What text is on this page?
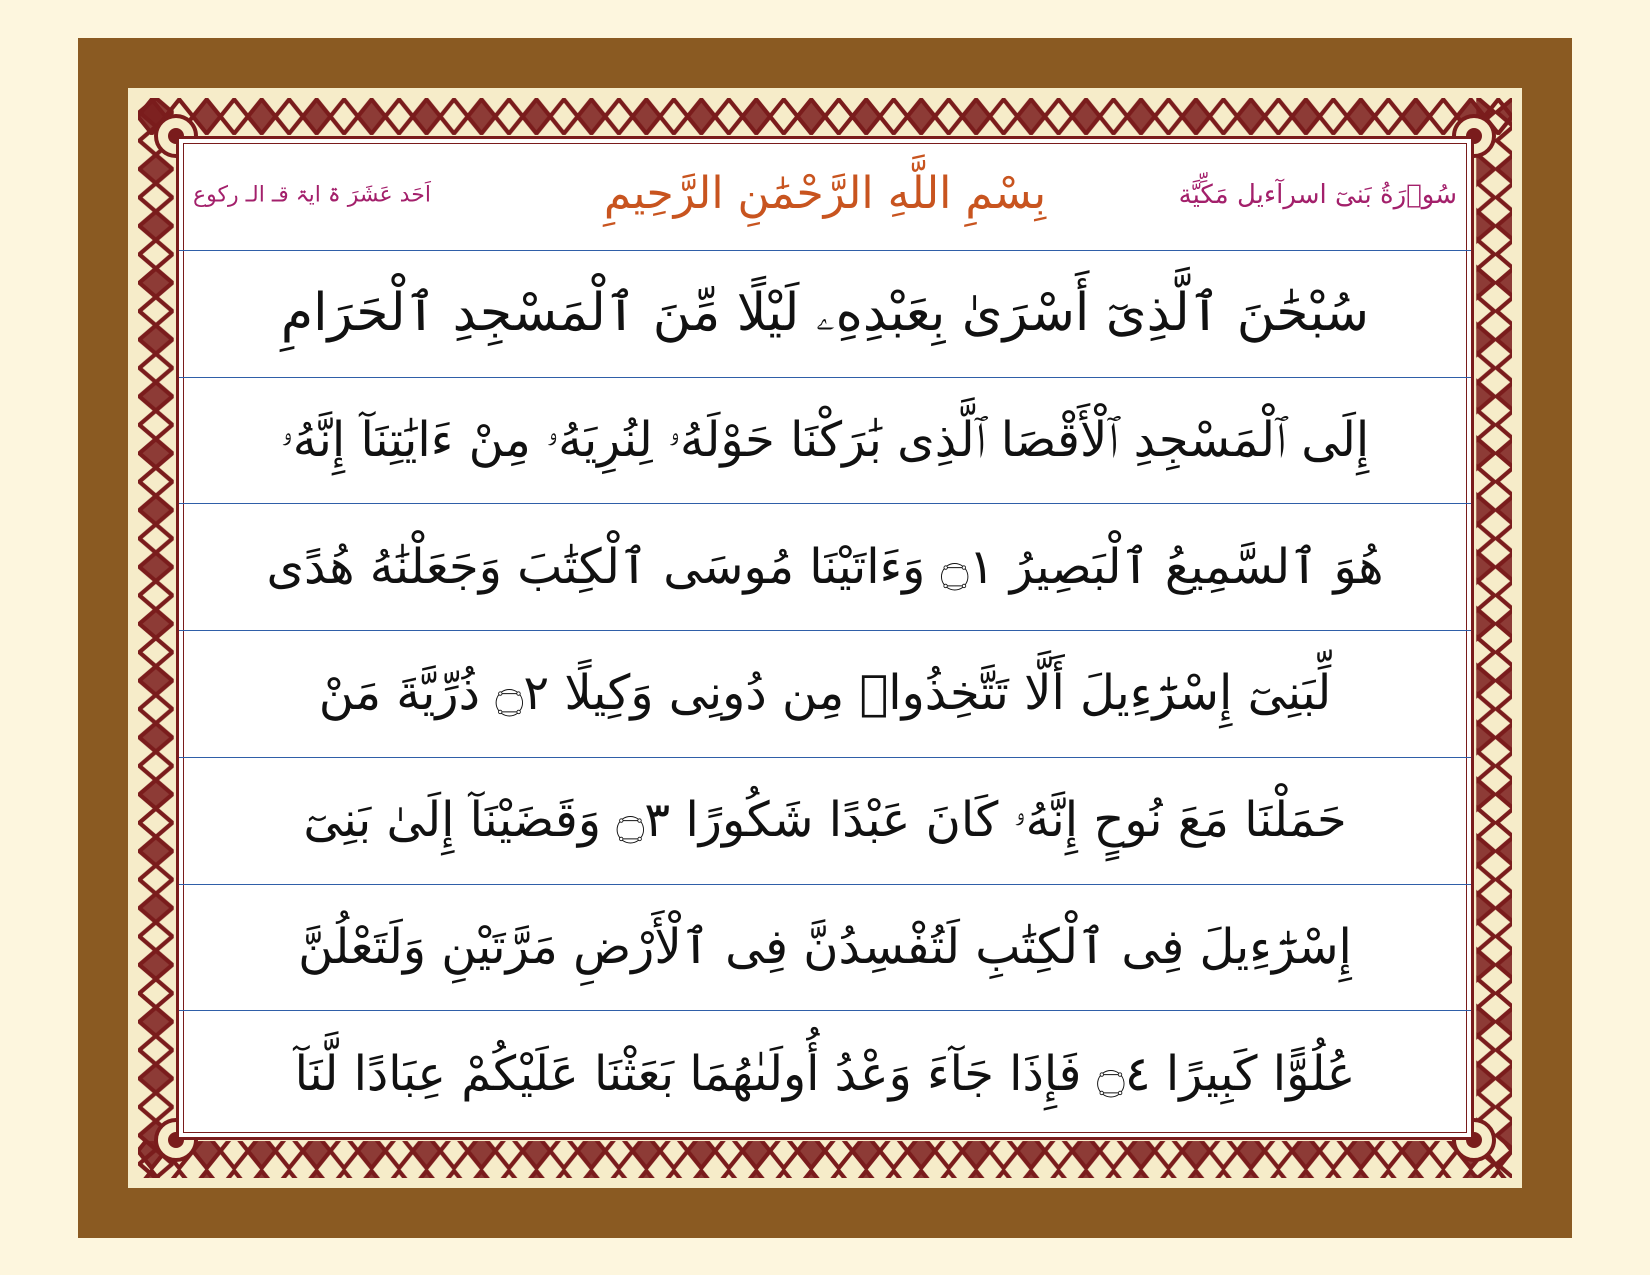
بِسْمِ اللَّهِ الرَّحْمَٰنِ الرَّحِيمِ	سُوۡرَةُ بَنیٓ اسرآءیل مَکِّیَّة
اَحَد عَشَرَ ۃ ایۃ قـ الـ رکوع
سُبْحَٰنَ ٱلَّذِىٓ أَسْرَىٰ بِعَبْدِهِۦ لَيْلًا مِّنَ ٱلْمَسْجِدِ ٱلْحَرَامِ
إِلَى ٱلْمَسْجِدِ ٱلْأَقْصَا ٱلَّذِى بَٰرَكْنَا حَوْلَهُۥ لِنُرِيَهُۥ مِنْ ءَايَٰتِنَآ إِنَّهُۥ
هُوَ ٱلسَّمِيعُ ٱلْبَصِيرُ ۝١ وَءَاتَيْنَا مُوسَى ٱلْكِتَٰبَ وَجَعَلْنَٰهُ هُدًى
لِّبَنِىٓ إِسْرَٰٓءِيلَ أَلَّا تَتَّخِذُوا۟ مِن دُونِى وَكِيلًا ۝٢ ذُرِّيَّةَ مَنْ
حَمَلْنَا مَعَ نُوحٍ إِنَّهُۥ كَانَ عَبْدًا شَكُورًا ۝٣ وَقَضَيْنَآ إِلَىٰ بَنِىٓ
إِسْرَٰٓءِيلَ فِى ٱلْكِتَٰبِ لَتُفْسِدُنَّ فِى ٱلْأَرْضِ مَرَّتَيْنِ وَلَتَعْلُنَّ
عُلُوًّا كَبِيرًا ۝٤ فَإِذَا جَآءَ وَعْدُ أُولَىٰهُمَا بَعَثْنَا عَلَيْكُمْ عِبَادًا لَّنَآ
